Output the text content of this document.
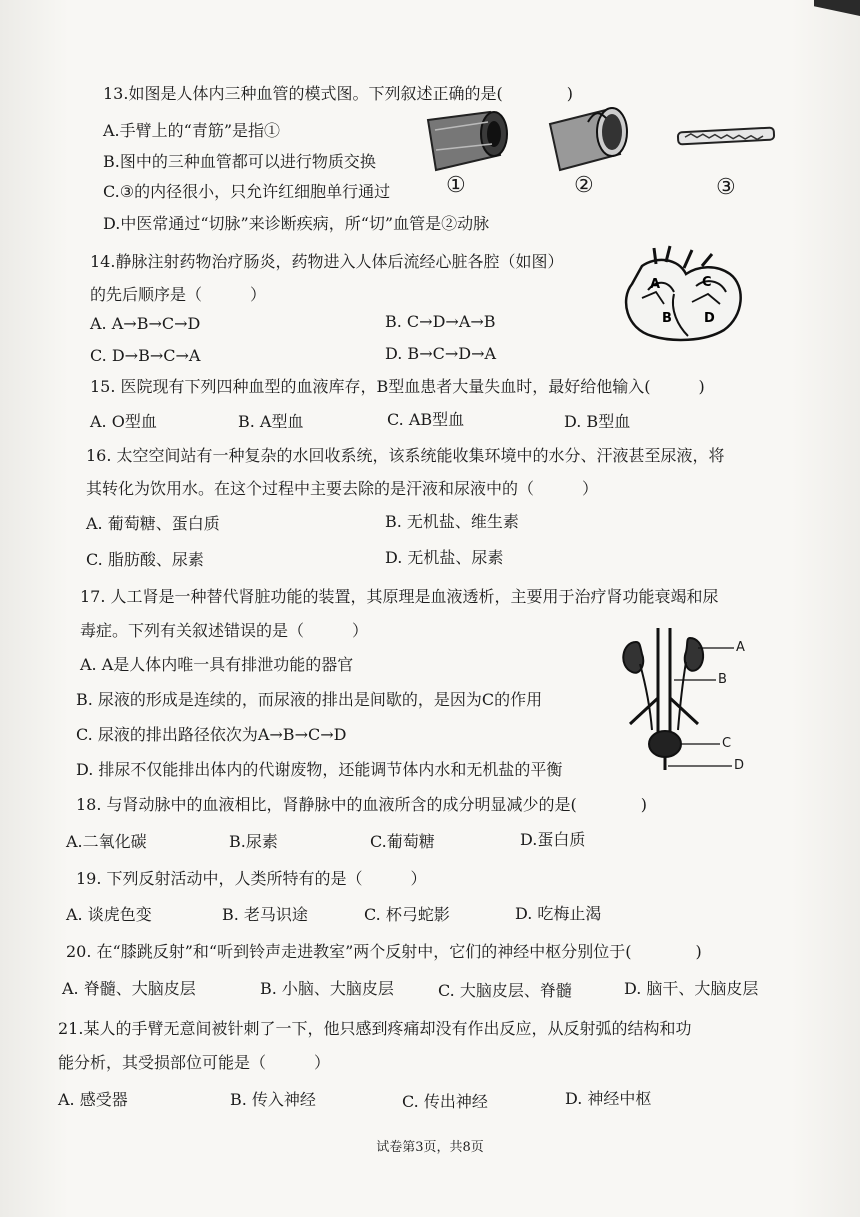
13.如图是人体内三种血管的模式图。下列叙述正确的是(　　　　)
A.手臂上的“青筋”是指①
B.图中的三种血管都可以进行物质交换
C.③的内径很小，只允许红细胞单行通过
D.中医常通过“切脉”来诊断疾病，所“切”血管是②动脉
①	②	③
14.静脉注射药物治疗肠炎，药物进入人体后流经心脏各腔（如图）
的先后顺序是（　　　）
A. A→B→C→D	B. C→D→A→B
C. D→B→C→A	D. B→C→D→A
A
B
C
D
15. 医院现有下列四种血型的血液库存，B型血患者大量失血时，最好给他输入(　　　)
A. O型血	B. A型血	C. AB型血	D. B型血
16. 太空空间站有一种复杂的水回收系统，该系统能收集环境中的水分、汗液甚至尿液，将
其转化为饮用水。在这个过程中主要去除的是汗液和尿液中的（　　　）
A. 葡萄糖、蛋白质	B. 无机盐、维生素
C. 脂肪酸、尿素	D. 无机盐、尿素
17. 人工肾是一种替代肾脏功能的装置，其原理是血液透析，主要用于治疗肾功能衰竭和尿
毒症。下列有关叙述错误的是（　　　）
A. A是人体内唯一具有排泄功能的器官
B. 尿液的形成是连续的，而尿液的排出是间歇的，是因为C的作用
C. 尿液的排出路径依次为A→B→C→D
D. 排尿不仅能排出体内的代谢废物，还能调节体内水和无机盐的平衡
A
B
C
D
18. 与肾动脉中的血液相比，肾静脉中的血液所含的成分明显减少的是(　　　　)
A.二氧化碳	B.尿素	C.葡萄糖	D.蛋白质
19. 下列反射活动中，人类所特有的是（　　　）
A. 谈虎色变	B. 老马识途	C. 杯弓蛇影	D. 吃梅止渴
20. 在“膝跳反射”和“听到铃声走进教室”两个反射中，它们的神经中枢分别位于(　　　　)
A. 脊髓、大脑皮层	B. 小脑、大脑皮层	C. 大脑皮层、脊髓	D. 脑干、大脑皮层
21.某人的手臂无意间被针刺了一下，他只感到疼痛却没有作出反应，从反射弧的结构和功
能分析，其受损部位可能是（　　　）
A. 感受器	B. 传入神经	C. 传出神经	D. 神经中枢
试卷第3页，共8页
